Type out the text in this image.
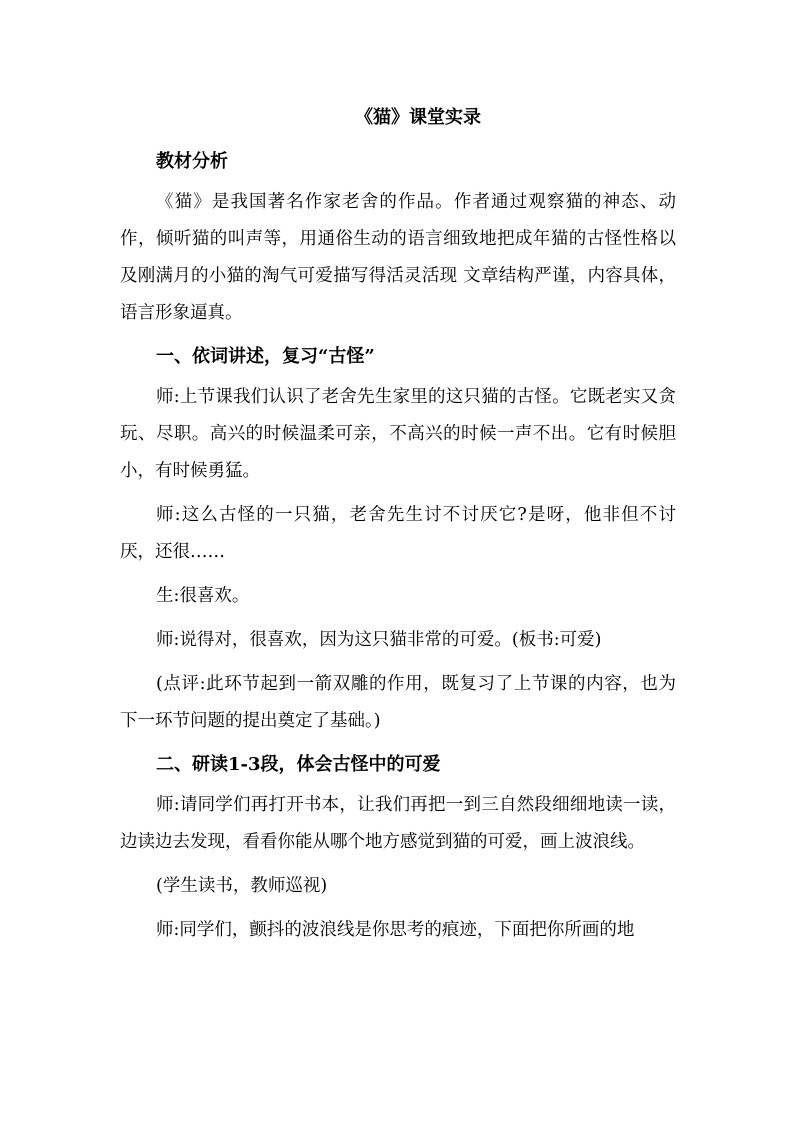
《猫》课堂实录
教材分析
《猫》是我国著名作家老舍的作品。作者通过观察猫的神态、动作，倾听猫的叫声等，用通俗生动的语言细致地把成年猫的古怪性格以及刚满月的小猫的淘气可爱描写得活灵活现 文章结构严谨，内容具体，语言形象逼真。
一、依词讲述，复习“古怪”
师:上节课我们认识了老舍先生家里的这只猫的古怪。它既老实又贪玩、尽职。高兴的时候温柔可亲，不高兴的时候一声不出。它有时候胆小，有时候勇猛。
师:这么古怪的一只猫，老舍先生讨不讨厌它?是呀，他非但不讨厌，还很……
生:很喜欢。
师:说得对，很喜欢，因为这只猫非常的可爱。(板书:可爱)
(点评:此环节起到一箭双雕的作用，既复习了上节课的内容，也为下一环节问题的提出奠定了基础。)
二、研读1-3段，体会古怪中的可爱
师:请同学们再打开书本，让我们再把一到三自然段细细地读一读，边读边去发现，看看你能从哪个地方感觉到猫的可爱，画上波浪线。
(学生读书，教师巡视)
师:同学们，颤抖的波浪线是你思考的痕迹，下面把你所画的地
